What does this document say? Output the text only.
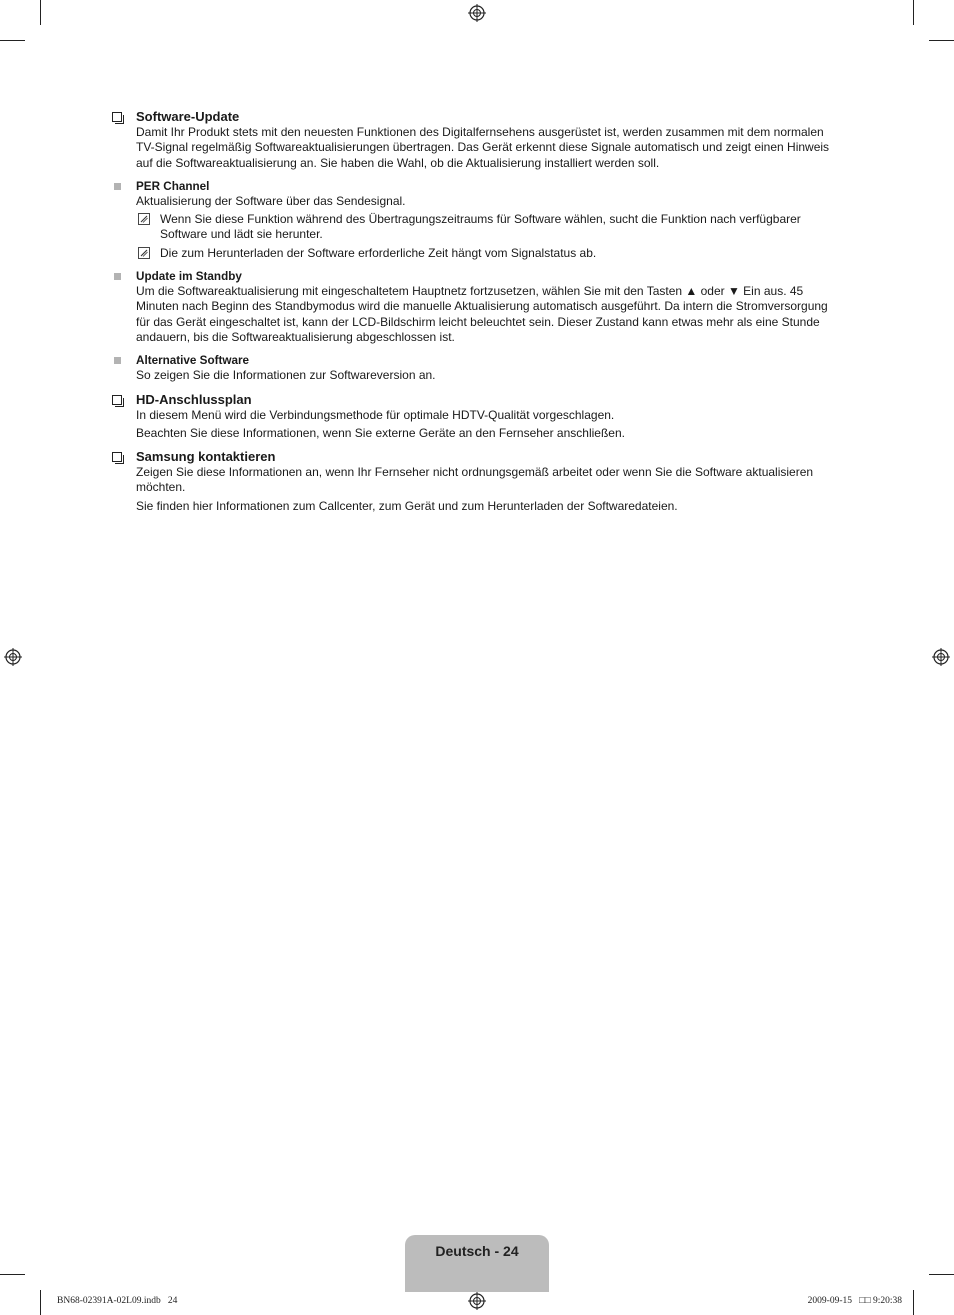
Software-Update
Damit Ihr Produkt stets mit den neuesten Funktionen des Digitalfernsehens ausgerüstet ist, werden zusammen mit dem normalen TV-Signal regelmäßig Softwareaktualisierungen übertragen. Das Gerät erkennt diese Signale automatisch und zeigt einen Hinweis auf die Softwareaktualisierung an. Sie haben die Wahl, ob die Aktualisierung installiert werden soll.
PER Channel
Aktualisierung der Software über das Sendesignal.
Wenn Sie diese Funktion während des Übertragungszeitraums für Software wählen, sucht die Funktion nach verfügbarer Software und lädt sie herunter.
Die zum Herunterladen der Software erforderliche Zeit hängt vom Signalstatus ab.
Update im Standby
Um die Softwareaktualisierung mit eingeschaltetem Hauptnetz fortzusetzen, wählen Sie mit den Tasten ▲ oder ▼ Ein aus. 45 Minuten nach Beginn des Standbymodus wird die manuelle Aktualisierung automatisch ausgeführt. Da intern die Stromversorgung für das Gerät eingeschaltet ist, kann der LCD-Bildschirm leicht beleuchtet sein. Dieser Zustand kann etwas mehr als eine Stunde andauern, bis die Softwareaktualisierung abgeschlossen ist.
Alternative Software
So zeigen Sie die Informationen zur Softwareversion an.
HD-Anschlussplan
In diesem Menü wird die Verbindungsmethode für optimale HDTV-Qualität vorgeschlagen.
Beachten Sie diese Informationen, wenn Sie externe Geräte an den Fernseher anschließen.
Samsung kontaktieren
Zeigen Sie diese Informationen an, wenn Ihr Fernseher nicht ordnungsgemäß arbeitet oder wenn Sie die Software aktualisieren möchten.
Sie finden hier Informationen zum Callcenter, zum Gerät und zum Herunterladen der Softwaredateien.
Deutsch - 24
BN68-02391A-02L09.indb   24	2009-09-15   □□ 9:20:38
